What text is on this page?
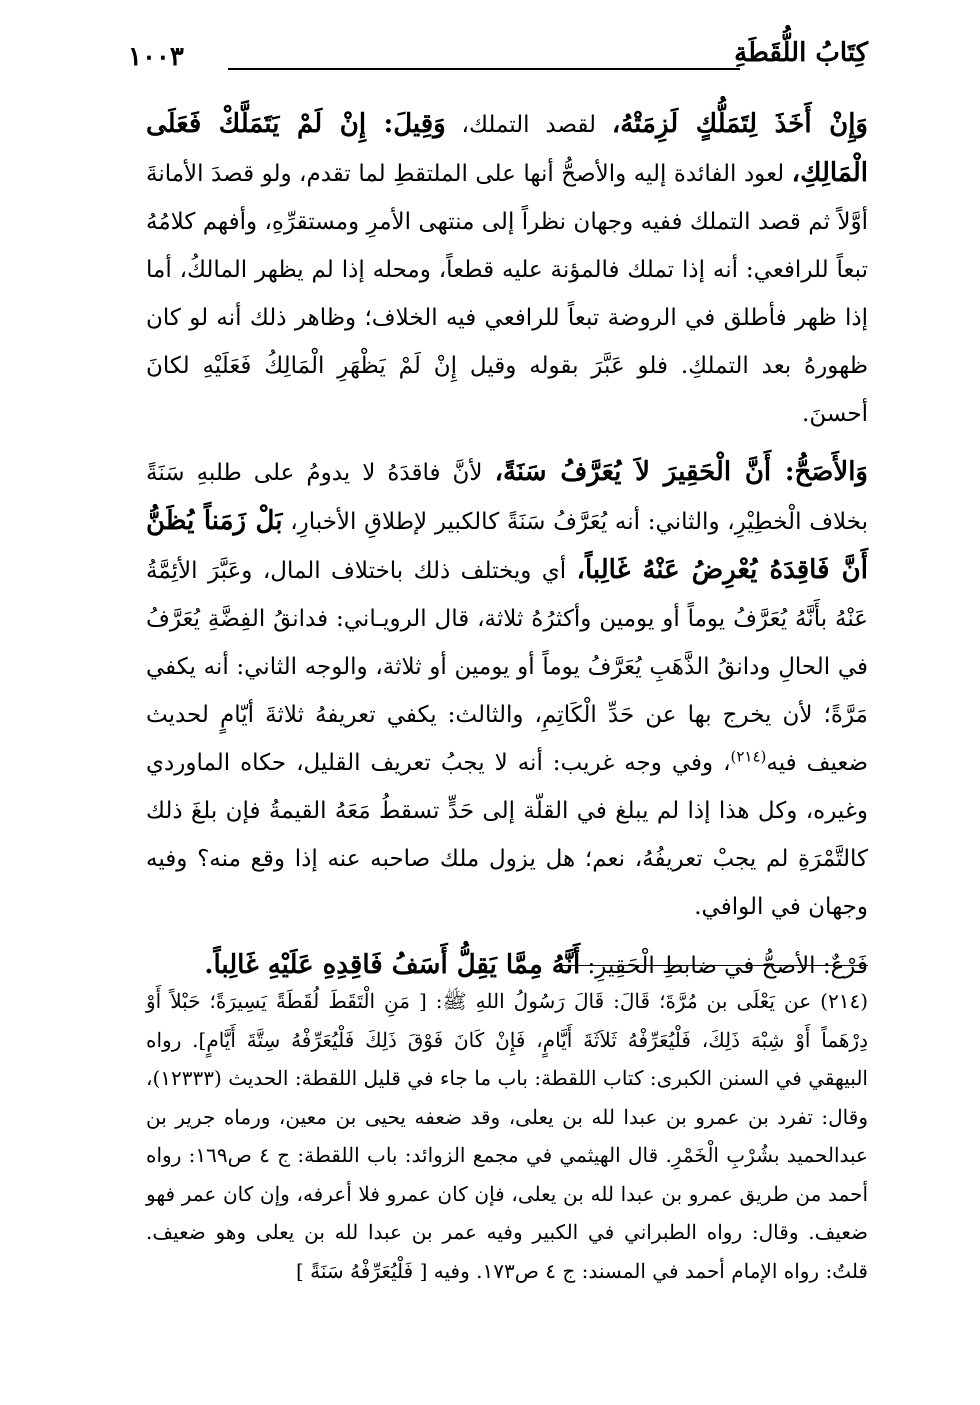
كِتَابُ اللُّقَطَةِ
١٠٠٣

وَإِنْ أَخَذَ لِتَمَلُّكٍ لَزِمَتْهُ، لقصد التملك، وَقِيلَ: إِنْ لَمْ يَتَمَلَّكْ فَعَلَى الْمَالِكِ، لعود الفائدة إليه والأصحُّ أنها على الملتقطِ لما تقدم، ولو قصدَ الأمانةَ أوَّلاً ثم قصد التملك ففيه وجهان نظراً إلى منتهى الأمرِ ومستقرِّهِ، وأفهم كلامُهُ تبعاً للرافعي: أنه إذا تملك فالمؤنة عليه قطعاً، ومحله إذا لم يظهر المالكُ، أما إذا ظهر فأطلق في الروضة تبعاً للرافعي فيه الخلاف؛ وظاهر ذلك أنه لو كان ظهورهُ بعد التملكِ. فلو عَبَّرَ بقوله وقيل إِنْ لَمْ يَظْهَرِ الْمَالِكُ فَعَلَيْهِ لكانَ أحسنَ.

وَالأَصَحُّ: أَنَّ الْحَقِيرَ لاَ يُعَرَّفُ سَنَةً، لأنَّ فاقدَهُ لا يدومُ على طلبهِ سَنَةً بخلاف الْخطِيْرِ، والثاني: أنه يُعَرَّفُ سَنَةً كالكبير لإطلاقِ الأخبارِ، بَلْ زَمَناً يُظَنُّ أَنَّ فَاقِدَهُ يُعْرِضُ عَنْهُ غَالِباً، أي ويختلف ذلك باختلاف المال، وعَبَّرَ الأئِمَّةُ عَنْهُ بأَنَّهُ يُعَرَّفُ يوماً أو يومين وأكثرُهُ ثلاثة، قال الرويـاني: فدانقُ الفِضَّةِ يُعَرَّفُ في الحالِ ودانقُ الذَّهَبِ يُعَرَّفُ يوماً أو يومين أو ثلاثة، والوجه الثاني: أنه يكفي مَرَّةً؛ لأن يخرج بها عن حَدِّ الْكَاتِمِ، والثالث: يكفي تعريفهُ ثلاثةَ أيّامٍ لحديث ضعيف فيه$^{(٢١٤)}$، وفي وجه غريب: أنه لا يجبُ تعريف القليل، حكاه الماوردي وغيره، وكل هذا إذا لم يبلغ في القلّة إلى حَدٍّ تسقطُ مَعَهُ القيمةُ فإن بلغَ ذلك كالتَّمْرَةِ لم يجبْ تعريفُهُ، نعم؛ هل يزول ملك صاحبه عنه إذا وقع منه؟ وفيه وجهان في الوافي.

فَرْعٌ: الأصحُّ في ضابطِ الْحَقِيرِ: أَنَّهُ مِمَّا يَقِلُّ أَسَفُ فَاقِدِهِ عَلَيْهِ غَالِباً.

(٢١٤) عن يَعْلَى بن مُرَّةَ؛ قَالَ: قَالَ رَسُولُ اللهِ ﷺ: [ مَنِ الْتَقَطَ لُقَطَةً يَسِيرَةً؛ حَبْلاً أَوْ دِرْهَماً أَوْ شِبْهَ ذَلِكَ، فَلْيُعَرِّفْهُ ثَلاَثَةَ أَيَّامٍ، فَإِنْ كَانَ فَوْقَ ذَلِكَ فَلْيُعَرِّفْهُ سِتَّةَ أَيَّامٍ]. رواه البيهقي في السنن الكبرى: كتاب اللقطة: باب ما جاء في قليل اللقطة: الحديث (١٢٣٣٣)، وقال: تفرد بن عمرو بن عبدا لله بن يعلى، وقد ضعفه يحيى بن معين، ورماه جرير بن عبدالحميد بشُرْبِ الْخَمْرِ. قال الهيثمي في مجمع الزوائد: باب اللقطة: ج ٤ ص١٦٩: رواه أحمد من طريق عمرو بن عبدا لله بن يعلى، فإن كان عمرو فلا أعرفه، وإن كان عمر فهو ضعيف. وقال: رواه الطبراني في الكبير وفيه عمر بن عبدا لله بن يعلى وهو ضعيف. قلتُ: رواه الإمام أحمد في المسند: ج ٤ ص١٧٣. وفيه [ فَلْيُعَرِّفْهُ سَنَةً ]
